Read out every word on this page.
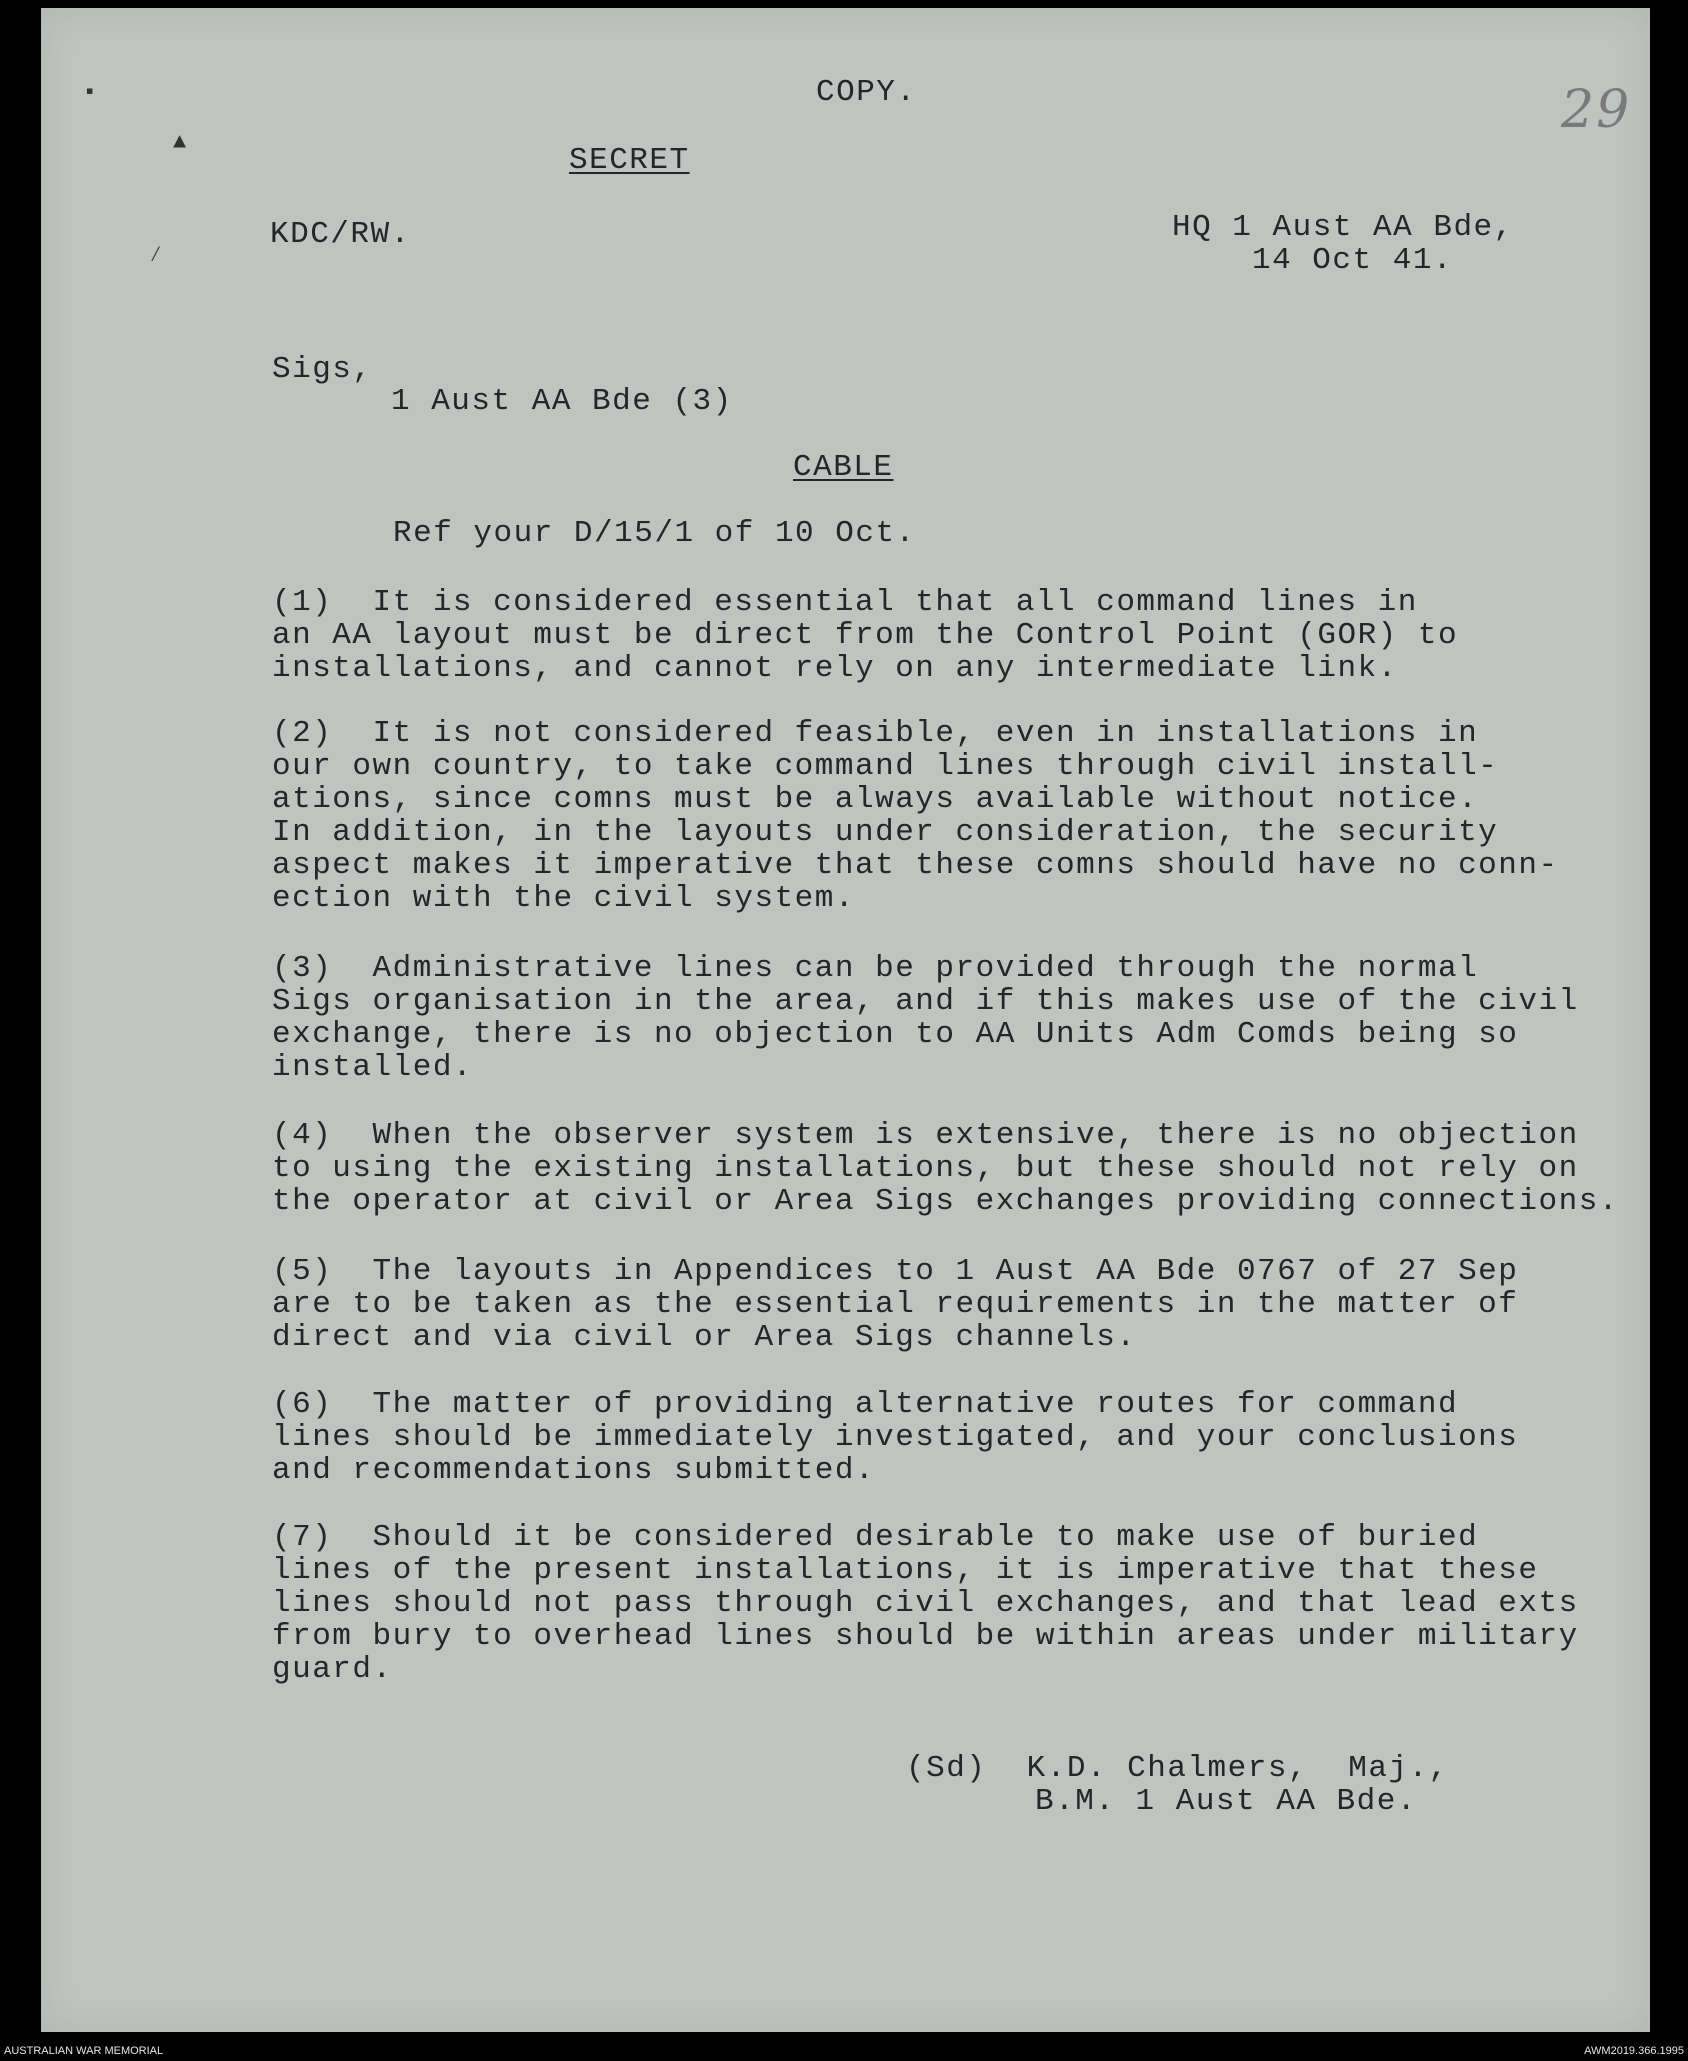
COPY.	29
▪
▲
⁄
SECRET
KDC/RW.	HQ 1 Aust AA Bde,
14 Oct 41.
Sigs,
1 Aust AA Bde (3)
CABLE
Ref your D/15/1 of 10 Oct.
(1)  It is considered essential that all command lines in
an AA layout must be direct from the Control Point (GOR) to
installations, and cannot rely on any intermediate link.
(2)  It is not considered feasible, even in installations in
our own country, to take command lines through civil install-
ations, since comns must be always available without notice.
In addition, in the layouts under consideration, the security
aspect makes it imperative that these comns should have no conn-
ection with the civil system.
(3)  Administrative lines can be provided through the normal
Sigs organisation in the area, and if this makes use of the civil
exchange, there is no objection to AA Units Adm Comds being so
installed.
(4)  When the observer system is extensive, there is no objection
to using the existing installations, but these should not rely on
the operator at civil or Area Sigs exchanges providing connections.
(5)  The layouts in Appendices to 1 Aust AA Bde 0767 of 27 Sep
are to be taken as the essential requirements in the matter of
direct and via civil or Area Sigs channels.
(6)  The matter of providing alternative routes for command
lines should be immediately investigated, and your conclusions
and recommendations submitted.
(7)  Should it be considered desirable to make use of buried
lines of the present installations, it is imperative that these
lines should not pass through civil exchanges, and that lead exts
from bury to overhead lines should be within areas under military
guard.
(Sd)  K.D. Chalmers,  Maj.,
B.M. 1 Aust AA Bde.
AUSTRALIAN WAR MEMORIAL	AWM2019.366.1995
